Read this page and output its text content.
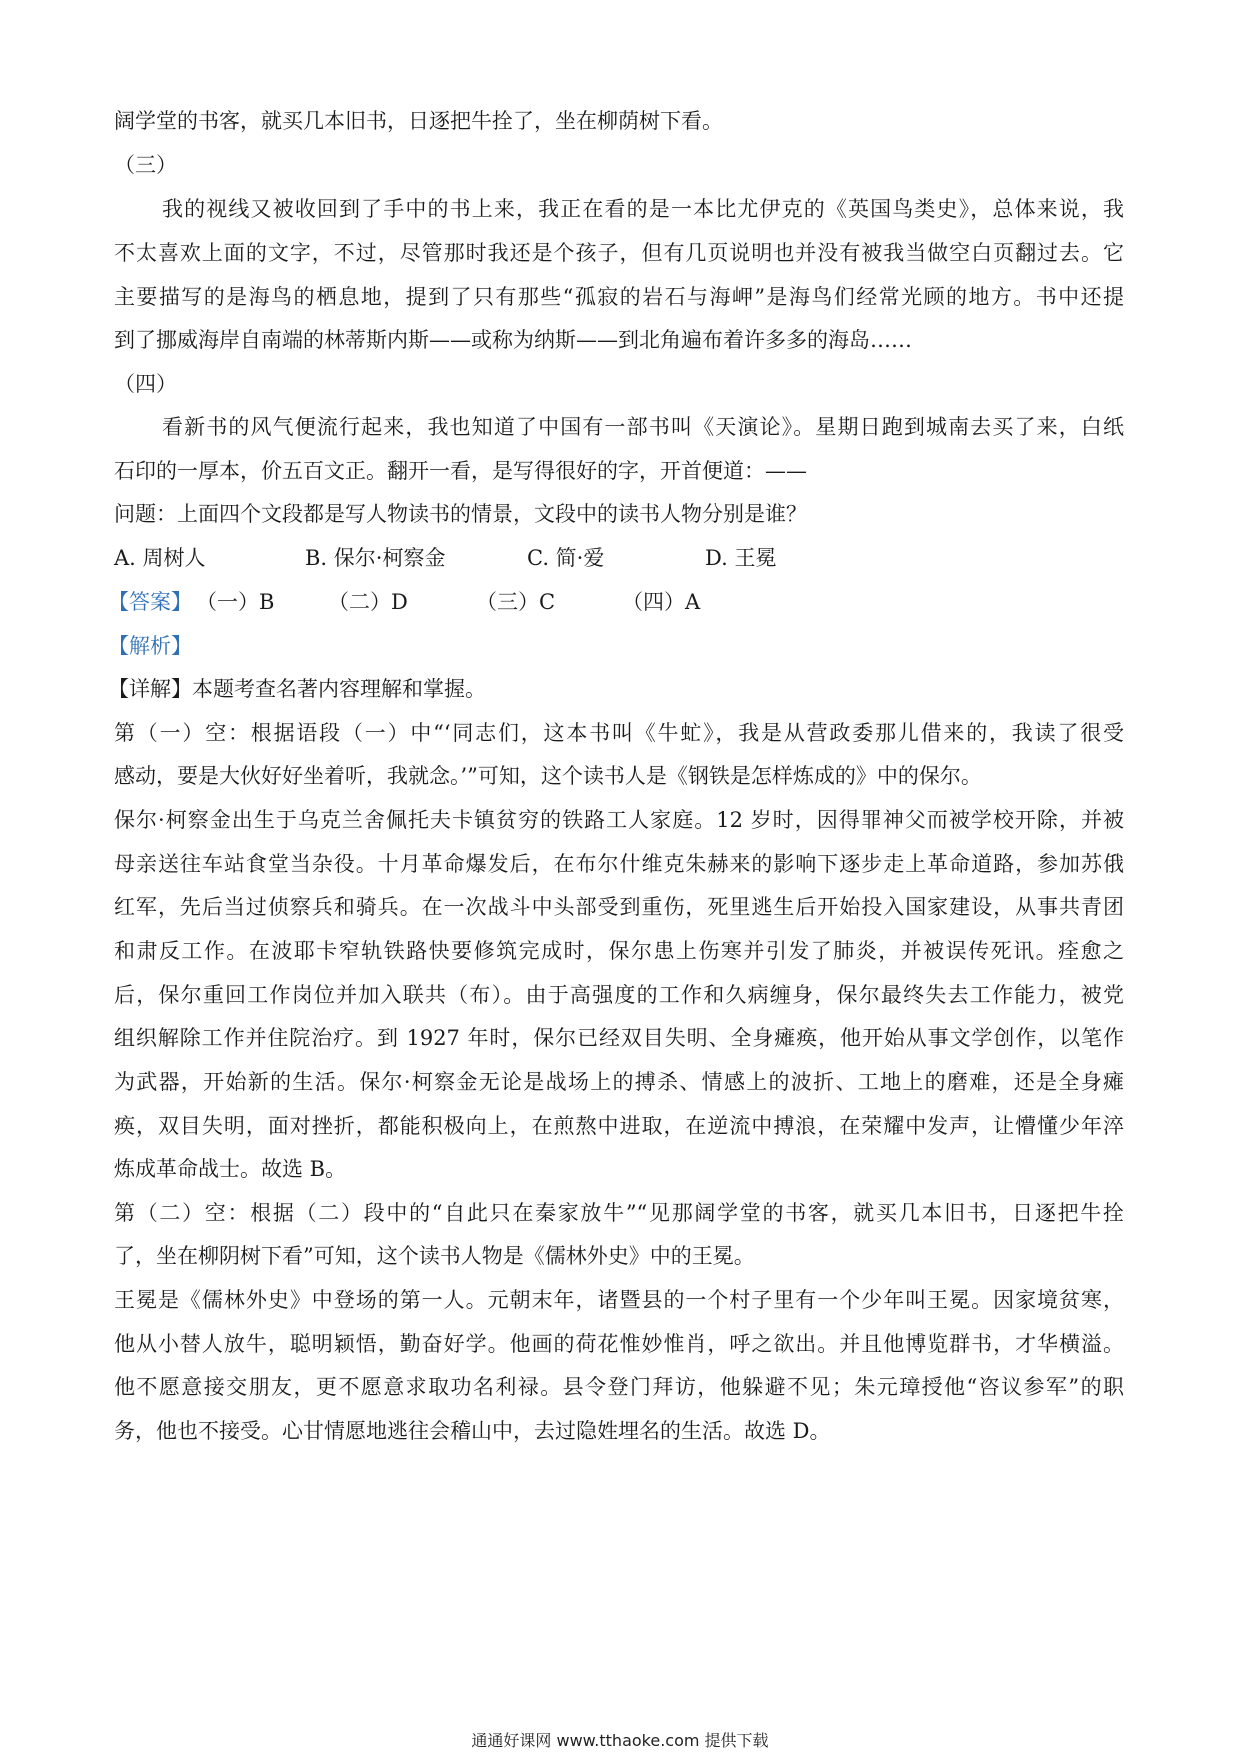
阔学堂的书客，就买几本旧书，日逐把牛拴了，坐在柳荫树下看。
（三）
我的视线又被收回到了手中的书上来，我正在看的是一本比尤伊克的《英国鸟类史》，总体来说，我
不太喜欢上面的文字，不过，尽管那时我还是个孩子，但有几页说明也并没有被我当做空白页翻过去。它
主要描写的是海鸟的栖息地，提到了只有那些“孤寂的岩石与海岬”是海鸟们经常光顾的地方。书中还提
到了挪威海岸自南端的林蒂斯内斯——或称为纳斯——到北角遍布着许多多的海岛……
（四）
看新书的风气便流行起来，我也知道了中国有一部书叫《天演论》。星期日跑到城南去买了来，白纸
石印的一厚本，价五百文正。翻开一看，是写得很好的字，开首便道：——
问题：上面四个文段都是写人物读书的情景，文段中的读书人物分别是谁？
A. 周树人	B. 保尔·柯察金	C. 简·爱	D. 王冕
【答案】 （一）B	（二）D	（三）C	（四）A
【解析】
【详解】本题考查名著内容理解和掌握。
第（一）空：根据语段（一）中“‘同志们，这本书叫《牛虻》，我是从营政委那儿借来的，我读了很受
感动，要是大伙好好坐着听，我就念。’”可知，这个读书人是《钢铁是怎样炼成的》中的保尔。
保尔·柯察金出生于乌克兰舍佩托夫卡镇贫穷的铁路工人家庭。12 岁时，因得罪神父而被学校开除，并被
母亲送往车站食堂当杂役。十月革命爆发后，在布尔什维克朱赫来的影响下逐步走上革命道路，参加苏俄
红军，先后当过侦察兵和骑兵。在一次战斗中头部受到重伤，死里逃生后开始投入国家建设，从事共青团
和肃反工作。在波耶卡窄轨铁路快要修筑完成时，保尔患上伤寒并引发了肺炎，并被误传死讯。痊愈之
后，保尔重回工作岗位并加入联共（布）。由于高强度的工作和久病缠身，保尔最终失去工作能力，被党
组织解除工作并住院治疗。到 1927 年时，保尔已经双目失明、全身瘫痪，他开始从事文学创作，以笔作
为武器，开始新的生活。保尔·柯察金无论是战场上的搏杀、情感上的波折、工地上的磨难，还是全身瘫
痪，双目失明，面对挫折，都能积极向上，在煎熬中进取，在逆流中搏浪，在荣耀中发声，让懵懂少年淬
炼成革命战士。故选 B。
第（二）空：根据（二）段中的“自此只在秦家放牛”“见那阔学堂的书客，就买几本旧书，日逐把牛拴
了，坐在柳阴树下看”可知，这个读书人物是《儒林外史》中的王冕。
王冕是《儒林外史》中登场的第一人。元朝末年，诸暨县的一个村子里有一个少年叫王冕。因家境贫寒，
他从小替人放牛，聪明颖悟，勤奋好学。他画的荷花惟妙惟肖，呼之欲出。并且他博览群书，才华横溢。
他不愿意接交朋友，更不愿意求取功名利禄。县令登门拜访，他躲避不见；朱元璋授他“咨议参军”的职
务，他也不接受。心甘情愿地逃往会稽山中，去过隐姓埋名的生活。故选 D。
通通好课网 www.tthaoke.com 提供下载
